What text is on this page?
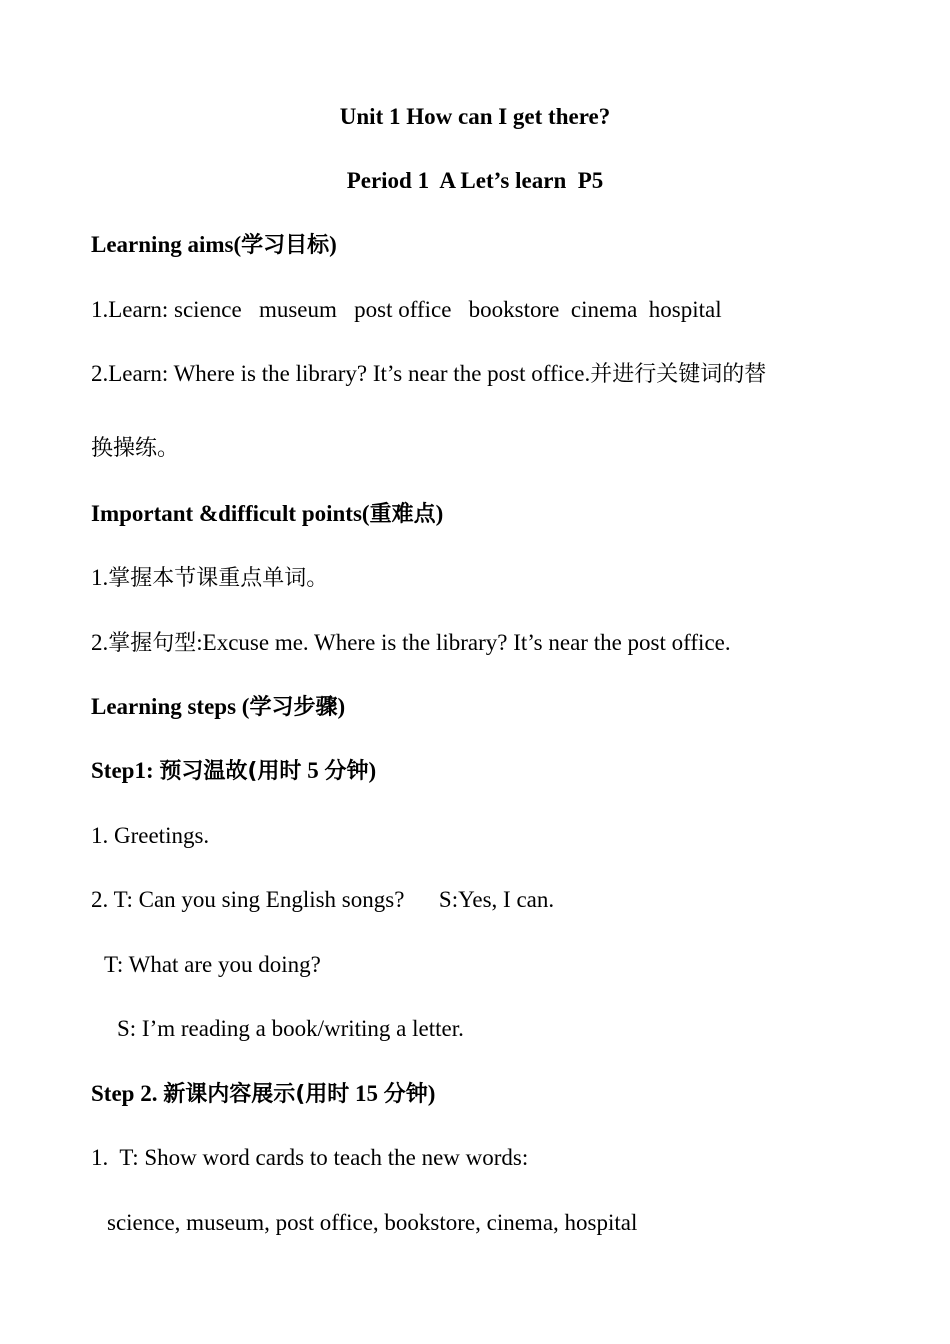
Unit 1 How can I get there?
Period 1  A Let’s learn  P5
Learning aims(学习目标)
1.Learn: science   museum   post office   bookstore  cinema  hospital
2.Learn: Where is the library? It’s near the post office.并进行关键词的替
换操练。
Important &difficult points(重难点)
1.掌握本节课重点单词。
2.掌握句型:Excuse me. Where is the library? It’s near the post office.
Learning steps (学习步骤)
Step1: 预习温故(用时 5 分钟)
1. Greetings.
2. T: Can you sing English songs?      S:Yes, I can.
T: What are you doing?
S: I’m reading a book/writing a letter.
Step 2. 新课内容展示(用时 15 分钟)
1.  T: Show word cards to teach the new words:
science, museum, post office, bookstore, cinema, hospital
